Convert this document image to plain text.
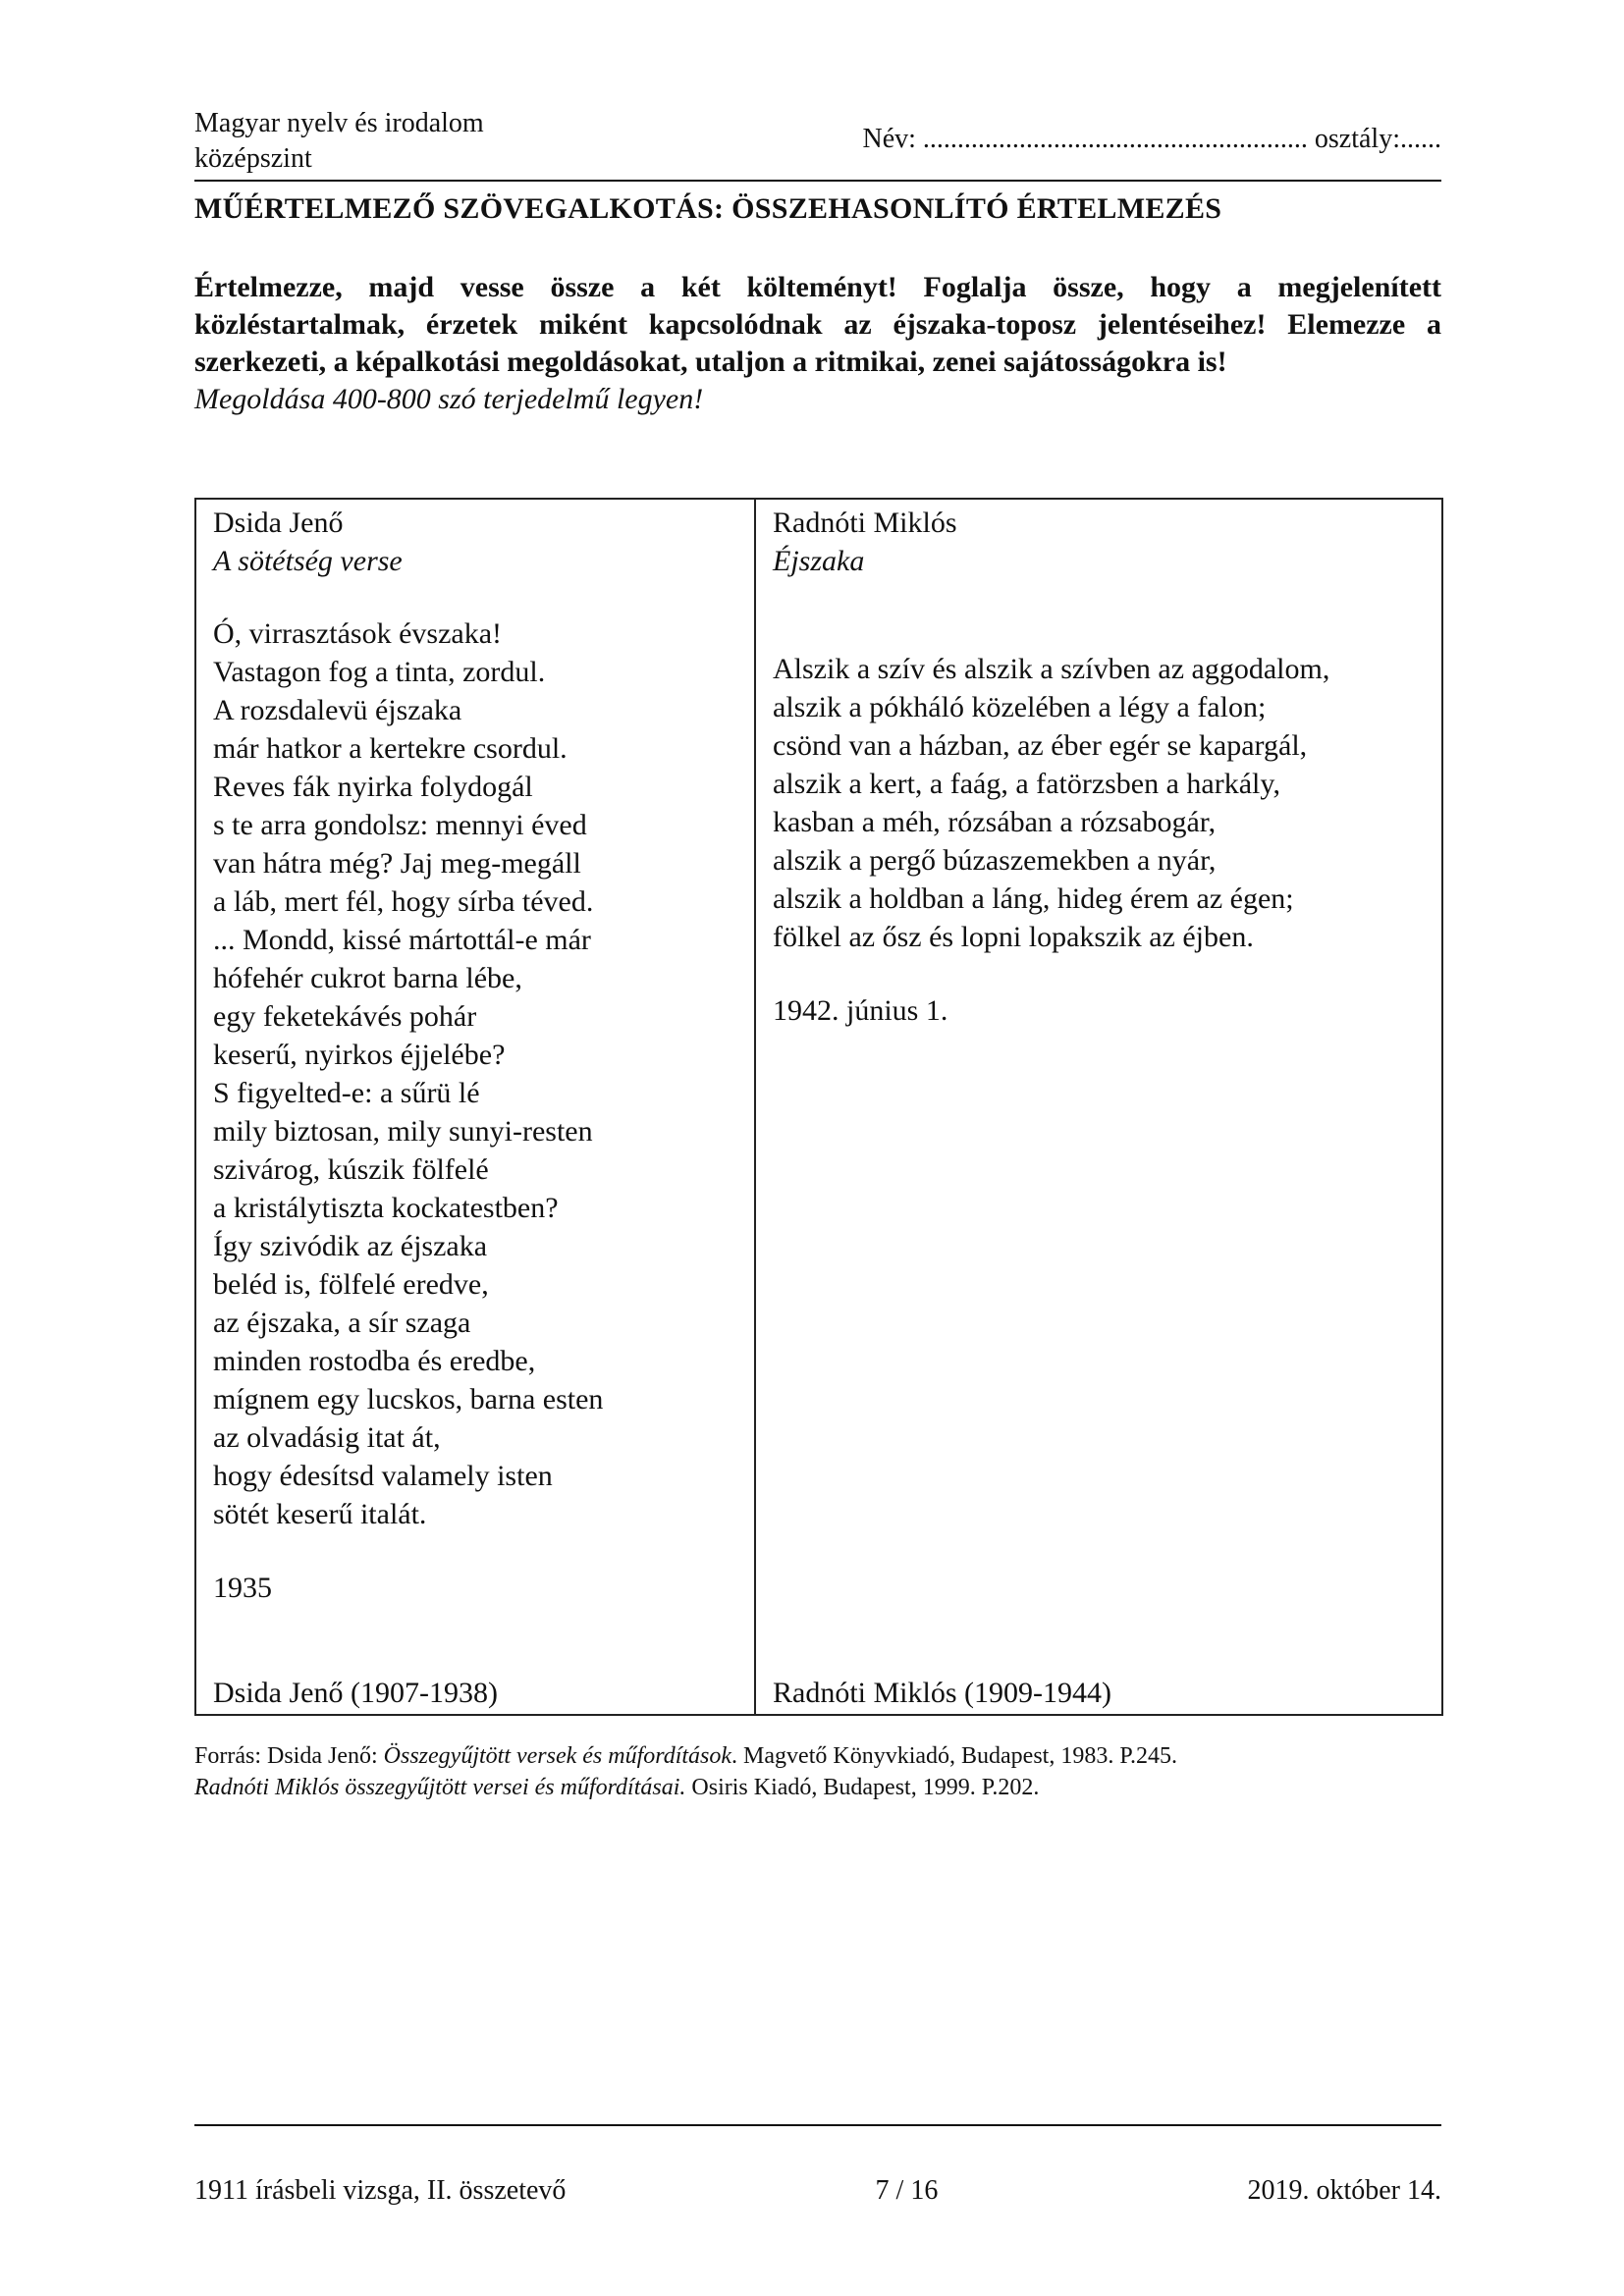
Magyar nyelv és irodalom
középszint
Név: ........................................................ osztály:......
MŰÉRTELMEZŐ SZÖVEGALKOTÁS: ÖSSZEHASONLÍTÓ ÉRTELMEZÉS

Értelmezze, majd vesse össze a két költeményt! Foglalja össze, hogy a megjelenített közléstartalmak, érzetek miként kapcsolódnak az éjszaka-toposz jelentéseihez! Elemezze a szerkezeti, a képalkotási megoldásokat, utaljon a ritmikai, zenei sajátosságokra is!

Megoldása 400-800 szó terjedelmű legyen!

Dsida Jenő
A sötétség verse
Ó, virrasztások évszaka!
Vastagon fog a tinta, zordul.
A rozsdalevü éjszaka
már hatkor a kertekre csordul.
Reves fák nyirka folydogál
s te arra gondolsz: mennyi éved
van hátra még? Jaj meg-megáll
a láb, mert fél, hogy sírba téved.
... Mondd, kissé mártottál-e már
hófehér cukrot barna lébe,
egy feketekávés pohár
keserű, nyirkos éjjelébe?
S figyelted-e: a sűrü lé
mily biztosan, mily sunyi-resten
szivárog, kúszik fölfelé
a kristálytiszta kockatestben?
Így szivódik az éjszaka
beléd is, fölfelé eredve,
az éjszaka, a sír szaga
minden rostodba és eredbe,
mígnem egy lucskos, barna esten
az olvadásig itat át,
hogy édesítsd valamely isten
sötét keserű italát.
1935
Dsida Jenő (1907-1938)
Radnóti Miklós
Éjszaka
Alszik a szív és alszik a szívben az aggodalom,
alszik a pókháló közelében a légy a falon;
csönd van a házban, az éber egér se kapargál,
alszik a kert, a faág, a fatörzsben a harkály,
kasban a méh, rózsában a rózsabogár,
alszik a pergő búzaszemekben a nyár,
alszik a holdban a láng, hideg érem az égen;
fölkel az ősz és lopni lopakszik az éjben.
1942. június 1.
Radnóti Miklós (1909-1944)
Forrás: Dsida Jenő: Összegyűjtött versek és műfordítások. Magvető Könyvkiadó, Budapest, 1983. P.245.
Radnóti Miklós összegyűjtött versei és műfordításai. Osiris Kiadó, Budapest, 1999. P.202.
1911 írásbeli vizsga, II. összetevő	7 / 16	2019. október 14.
